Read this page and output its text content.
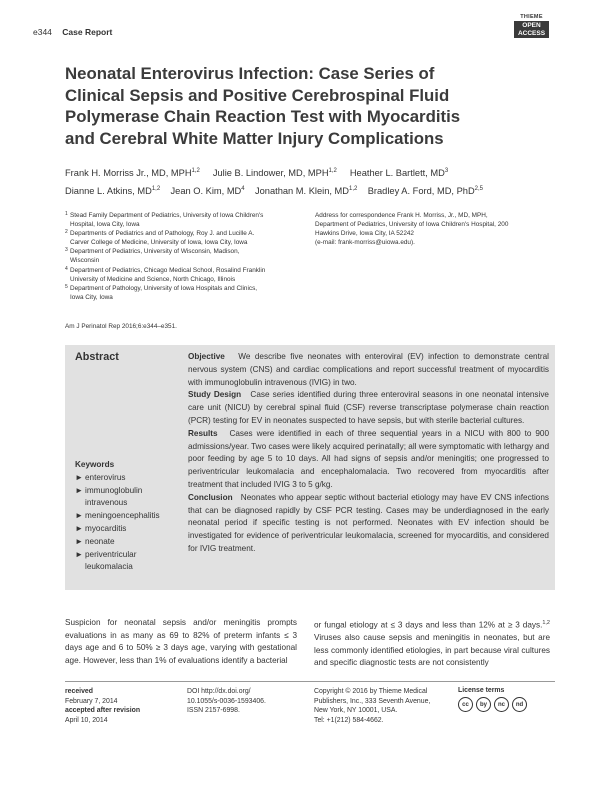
e344 Case Report
THIEME
OPEN
ACCESS
Neonatal Enterovirus Infection: Case Series of
Clinical Sepsis and Positive Cerebrospinal Fluid
Polymerase Chain Reaction Test with Myocarditis
and Cerebral White Matter Injury Complications
Frank H. Morriss Jr., MD, MPH$^{1,2}$ Julie B. Lindower, MD, MPH$^{1,2}$ Heather L. Bartlett, $MD^3$
Dianne L. Atkins, MD$^{1,2}$ Jean O. Kim, $MD^4$ Jonathan M. Klein, MD$^{1,2}$ Bradley A. Ford, MD, PhD$^{2,5}$
1 Stead Family Department of Pediatrics, University of Iowa Children's
Hospital, Iowa City, Iowa
2 Departments of Pediatrics and of Pathology, Roy J. and Lucille A.
Carver College of Medicine, University of Iowa, Iowa City, Iowa
3 Department of Pediatrics, University of Wisconsin, Madison,
Wisconsin
4 Department of Pediatrics, Chicago Medical School, Rosalind Franklin
University of Medicine and Science, North Chicago, Illinois
5 Department of Pathology, University of Iowa Hospitals and Clinics,
Iowa City, Iowa
Address for correspondence Frank H. Morriss, Jr., MD, MPH,
Department of Pediatrics, University of Iowa Children's Hospital, 200
Hawkins Drive, Iowa City, IA 52242
(e-mail: frank-morriss@uiowa.edu).
Am J Perinatol Rep 2016;6:e344–e351.
Abstract	Objective We describe five neonates with enteroviral (EV) infection to demonstrate central nervous system (CNS) and cardiac complications and report successful treatment of myocarditis with immunoglobulin intravenous (IVIG) in two.

Study Design Case series identified during three enteroviral seasons in one neonatal intensive care unit (NICU) by cerebral spinal fluid (CSF) reverse transcriptase polymerase chain reaction (PCR) testing for EV in neonates suspected to have sepsis, but with sterile bacterial cultures.

Results Cases were identified in each of three sequential years in a NICU with 800 to 900 admissions/year. Two cases were likely acquired perinatally; all were symptomatic with lethargy and poor feeding by age 5 to 10 days. All had signs of sepsis and/or meningitis; one progressed to periventricular leukomalacia and encephalomalacia. Two recovered from myocarditis after treatment that included IVIG 3 to 5 g/kg.

Conclusion Neonates who appear septic without bacterial etiology may have EV CNS infections that can be diagnosed rapidly by CSF PCR testing. Cases may be underdiagnosed in the early neonatal period if specific testing is not performed. Neonates with EV infection should be investigated for evidence of periventricular leukomalacia, screened for myocarditis, and considered for IVIG treatment.

Keywords
► enterovirus
► immunoglobulin intravenous
► meningoencephalitis
► myocarditis
► neonate
► periventricular leukomalacia
Suspicion for neonatal sepsis and/or meningitis prompts evaluations in as many as 69 to 82% of preterm infants ≤ 3 days age and 6 to 50% ≥ 3 days age, varying with gestational age. However, less than 1% of evaluations identify a bacterial
or fungal etiology at ≤ 3 days and less than 12% at ≥ 3 days.$^{1,2}$ Viruses also cause sepsis and meningitis in neonates, but are less commonly identified etiologies, in part because viral cultures and specific diagnostic tests are not consistently
received
February 7, 2014
accepted after revision
April 10, 2014
DOI http://dx.doi.org/
10.1055/s-0036-1593406.
ISSN 2157-6998.
Copyright © 2016 by Thieme Medical
Publishers, Inc., 333 Seventh Avenue,
New York, NY 10001, USA.
Tel: +1(212) 584-4662.
License terms
cc	by	nc	nd
